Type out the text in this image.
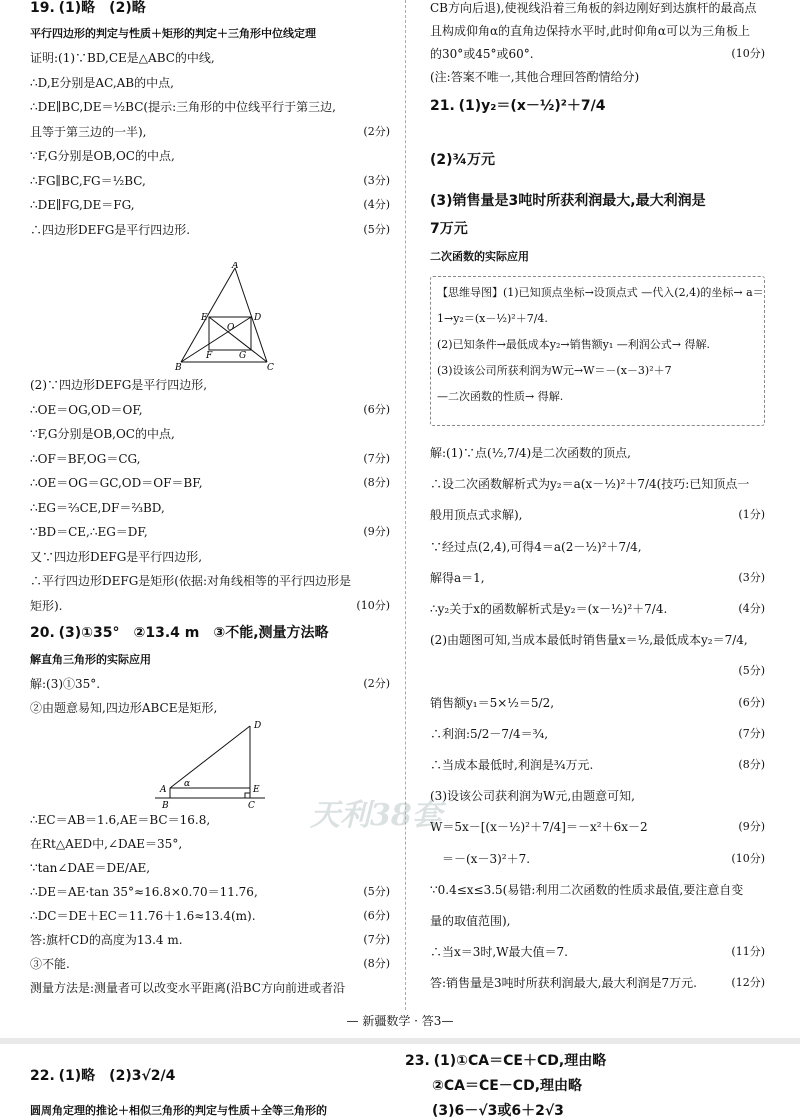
19. (1)略　(2)略
平行四边形的判定与性质＋矩形的判定＋三角形中位线定理
证明:(1)∵BD,CE是△ABC的中线,
∴D,E分别是AC,AB的中点,
∴DE∥BC,DE＝½BC(提示:三角形的中位线平行于第三边,
且等于第三边的一半),	(2分)
∵F,G分别是OB,OC的中点,
∴FG∥BC,FG＝½BC,	(3分)
∴DE∥FG,DE＝FG,	(4分)
∴四边形DEFG是平行四边形.	(5分)
A
B	C
D
E
F	G
O
(2)∵四边形DEFG是平行四边形,
∴OE＝OG,OD＝OF,	(6分)
∵F,G分别是OB,OC的中点,
∴OF＝BF,OG＝CG,	(7分)
∴OE＝OG＝GC,OD＝OF＝BF,	(8分)
∴EG＝⅔CE,DF＝⅔BD,
∵BD＝CE,∴EG＝DF,	(9分)
又∵四边形DEFG是平行四边形,
∴平行四边形DEFG是矩形(依据:对角线相等的平行四边形是
矩形).	(10分)
20. (3)①35°　②13.4 m　③不能,测量方法略
解直角三角形的实际应用
解:(3)①35°.	(2分)
②由题意易知,四边形ABCE是矩形,
A
B	C
D
E
α
∴EC＝AB＝1.6,AE＝BC＝16.8,
在Rt△AED中,∠DAE＝35°,
∵tan∠DAE＝DE/AE,
∴DE＝AE·tan 35°≈16.8×0.70＝11.76,	(5分)
∴DC＝DE＋EC＝11.76＋1.6≈13.4(m).	(6分)
答:旗杆CD的高度为13.4 m.	(7分)
③不能.	(8分)
测量方法是:测量者可以改变水平距离(沿BC方向前进或者沿
CB方向后退),使视线沿着三角板的斜边刚好到达旗杆的最高点
且构成仰角α的直角边保持水平时,此时仰角α可以为三角板上
的30°或45°或60°.	(10分)
(注:答案不唯一,其他合理回答酌情给分)
21. (1)y₂＝(x－½)²＋7/4
(2)¾万元
(3)销售量是3吨时所获利润最大,最大利润是
7万元
二次函数的实际应用
【思维导图】(1)已知顶点坐标→设顶点式 —代入(2,4)的坐标→ a＝
1→y₂＝(x－½)²＋7/4.
(2)已知条件→最低成本y₂→销售额y₁ —利润公式→ 得解.
(3)设该公司所获利润为W元→W＝－(x－3)²＋7
—二次函数的性质→ 得解.
解:(1)∵点(½,7/4)是二次函数的顶点,
∴设二次函数解析式为y₂＝a(x－½)²＋7/4(技巧:已知顶点一
般用顶点式求解),	(1分)
∵经过点(2,4),可得4＝a(2－½)²＋7/4,
解得a＝1,	(3分)
∴y₂关于x的函数解析式是y₂＝(x－½)²＋7/4.	(4分)
(2)由题图可知,当成本最低时销售量x＝½,最低成本y₂＝7/4,
(5分)
销售额y₁＝5×½＝5/2,	(6分)
∴利润:5/2－7/4＝¾,	(7分)
∴当成本最低时,利润是¾万元.	(8分)
(3)设该公司获利润为W元,由题意可知,
W＝5x－[(x－½)²＋7/4]＝－x²＋6x－2	(9分)
　＝－(x－3)²＋7.	(10分)
∵0.4≤x≤3.5(易错:利用二次函数的性质求最值,要注意自变
量的取值范围),
∴当x＝3时,W最大值＝7.	(11分)
答:销售量是3吨时所获利润最大,最大利润是7万元.	(12分)
天利38套
— 新疆数学 · 答3—
22. (1)略　(2)3√2/4
圆周角定理的推论＋相似三角形的判定与性质＋全等三角形的
23. (1)①CA＝CE＋CD,理由略
②CA＝CE－CD,理由略
(3)6－√3或6＋2√3
